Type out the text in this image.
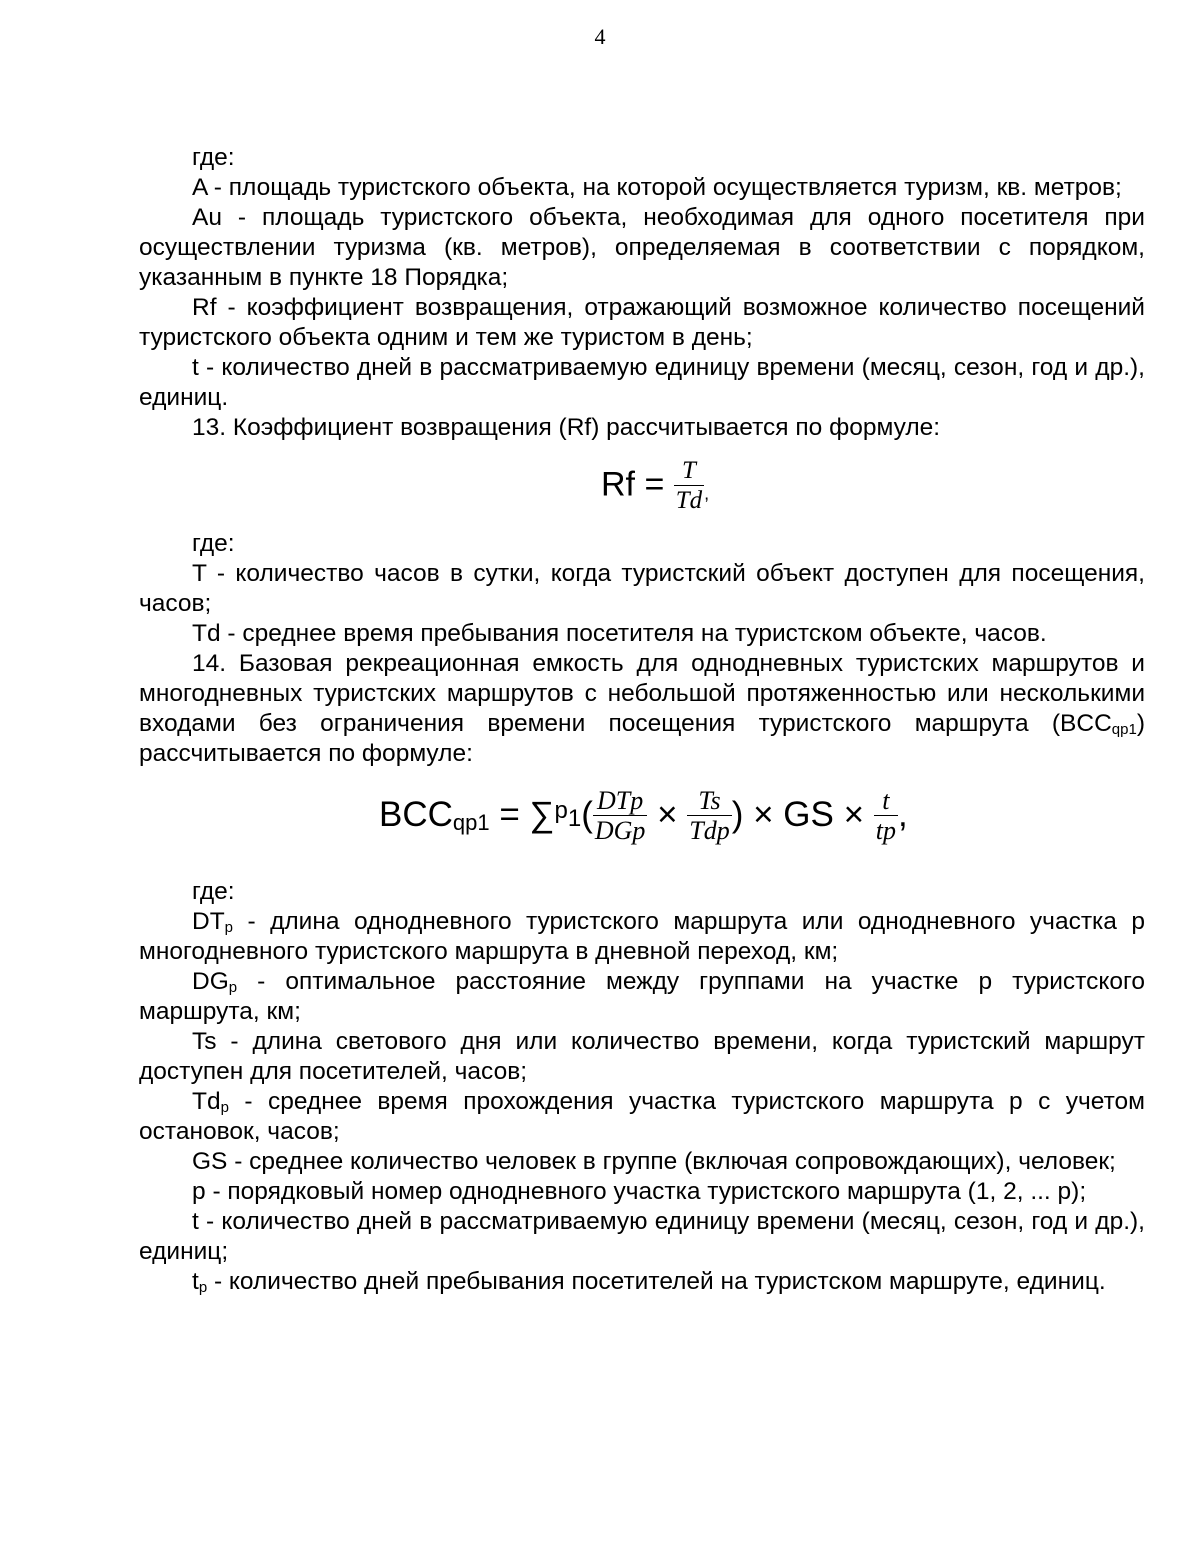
4

где:

A - площадь туристского объекта, на которой осуществляется туризм, кв. метров;

Au - площадь туристского объекта, необходимая для одного посетителя при осуществлении туризма (кв. метров), определяемая в соответствии с порядком, указанным в пункте 18 Порядка;

Rf - коэффициент возвращения, отражающий возможное количество посещений туристского объекта одним и тем же туристом в день;

t - количество дней в рассматриваемую единицу времени (месяц, сезон, год и др.), единиц.

13. Коэффициент возвращения (Rf) рассчитывается по формуле:

$Rf = \frac{T}{Td}$ ,

где:

T - количество часов в сутки, когда туристский объект доступен для посещения, часов;

Td - среднее время пребывания посетителя на туристском объекте, часов.

14. Базовая рекреационная емкость для однодневных туристских маршрутов и многодневных туристских маршрутов с небольшой протяженностью или несколькими входами без ограничения времени посещения туристского маршрута $(BCC_{qp1})$ рассчитывается по формуле:

$BCC_{qp1} = \sum^p1( \frac{\text{DTp}}{\text{DGp}} \times \frac{Ts}{\text{Tdp}}$ ) × GS × $\frac{t}{tp}$ ,

где:

$DT_p$ - длина однодневного туристского маршрута или однодневного участка p многодневного туристского маршрута в дневной переход, км;

$DG_p$ - оптимальное расстояние между группами на участке p туристского маршрута, км;

Ts - длина светового дня или количество времени, когда туристский маршрут доступен для посетителей, часов;

$Td_p$ - среднее время прохождения участка туристского маршрута p с учетом остановок, часов;

GS - среднее количество человек в группе (включая сопровождающих), человек;

p - порядковый номер однодневного участка туристского маршрута (1, 2, ... p);

t - количество дней в рассматриваемую единицу времени (месяц, сезон, год и др.), единиц;

$t_p$ - количество дней пребывания посетителей на туристском маршруте, единиц.
